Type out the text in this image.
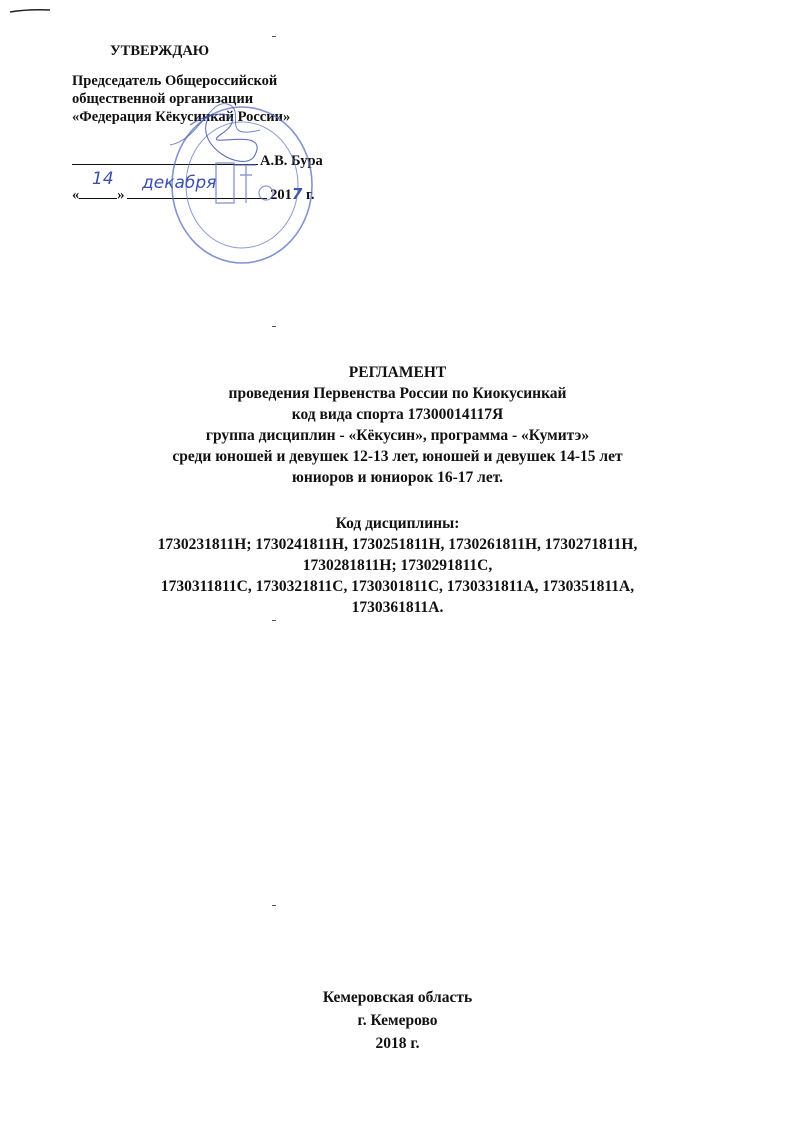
УТВЕРЖДАЮ
Председатель Общероссийской
общественной организации
«Федерация Кёкусинкай России»
А.В. Бура
«	»	2017 г.
14 декабря
РЕГЛАМЕНТ
проведения Первенства России по Киокусинкай
код вида спорта 17300014117Я
группа дисциплин - «Кёкусин», программа - «Кумитэ»
среди юношей и девушек 12-13 лет, юношей и девушек 14-15 лет
юниоров и юниорок 16-17 лет.
Код дисциплины:
1730231811Н; 1730241811Н, 1730251811Н, 1730261811Н, 1730271811Н,
1730281811Н; 1730291811С,
1730311811С, 1730321811С, 1730301811С, 1730331811А, 1730351811А,
1730361811А.
Кемеровская область
г. Кемерово
2018 г.
